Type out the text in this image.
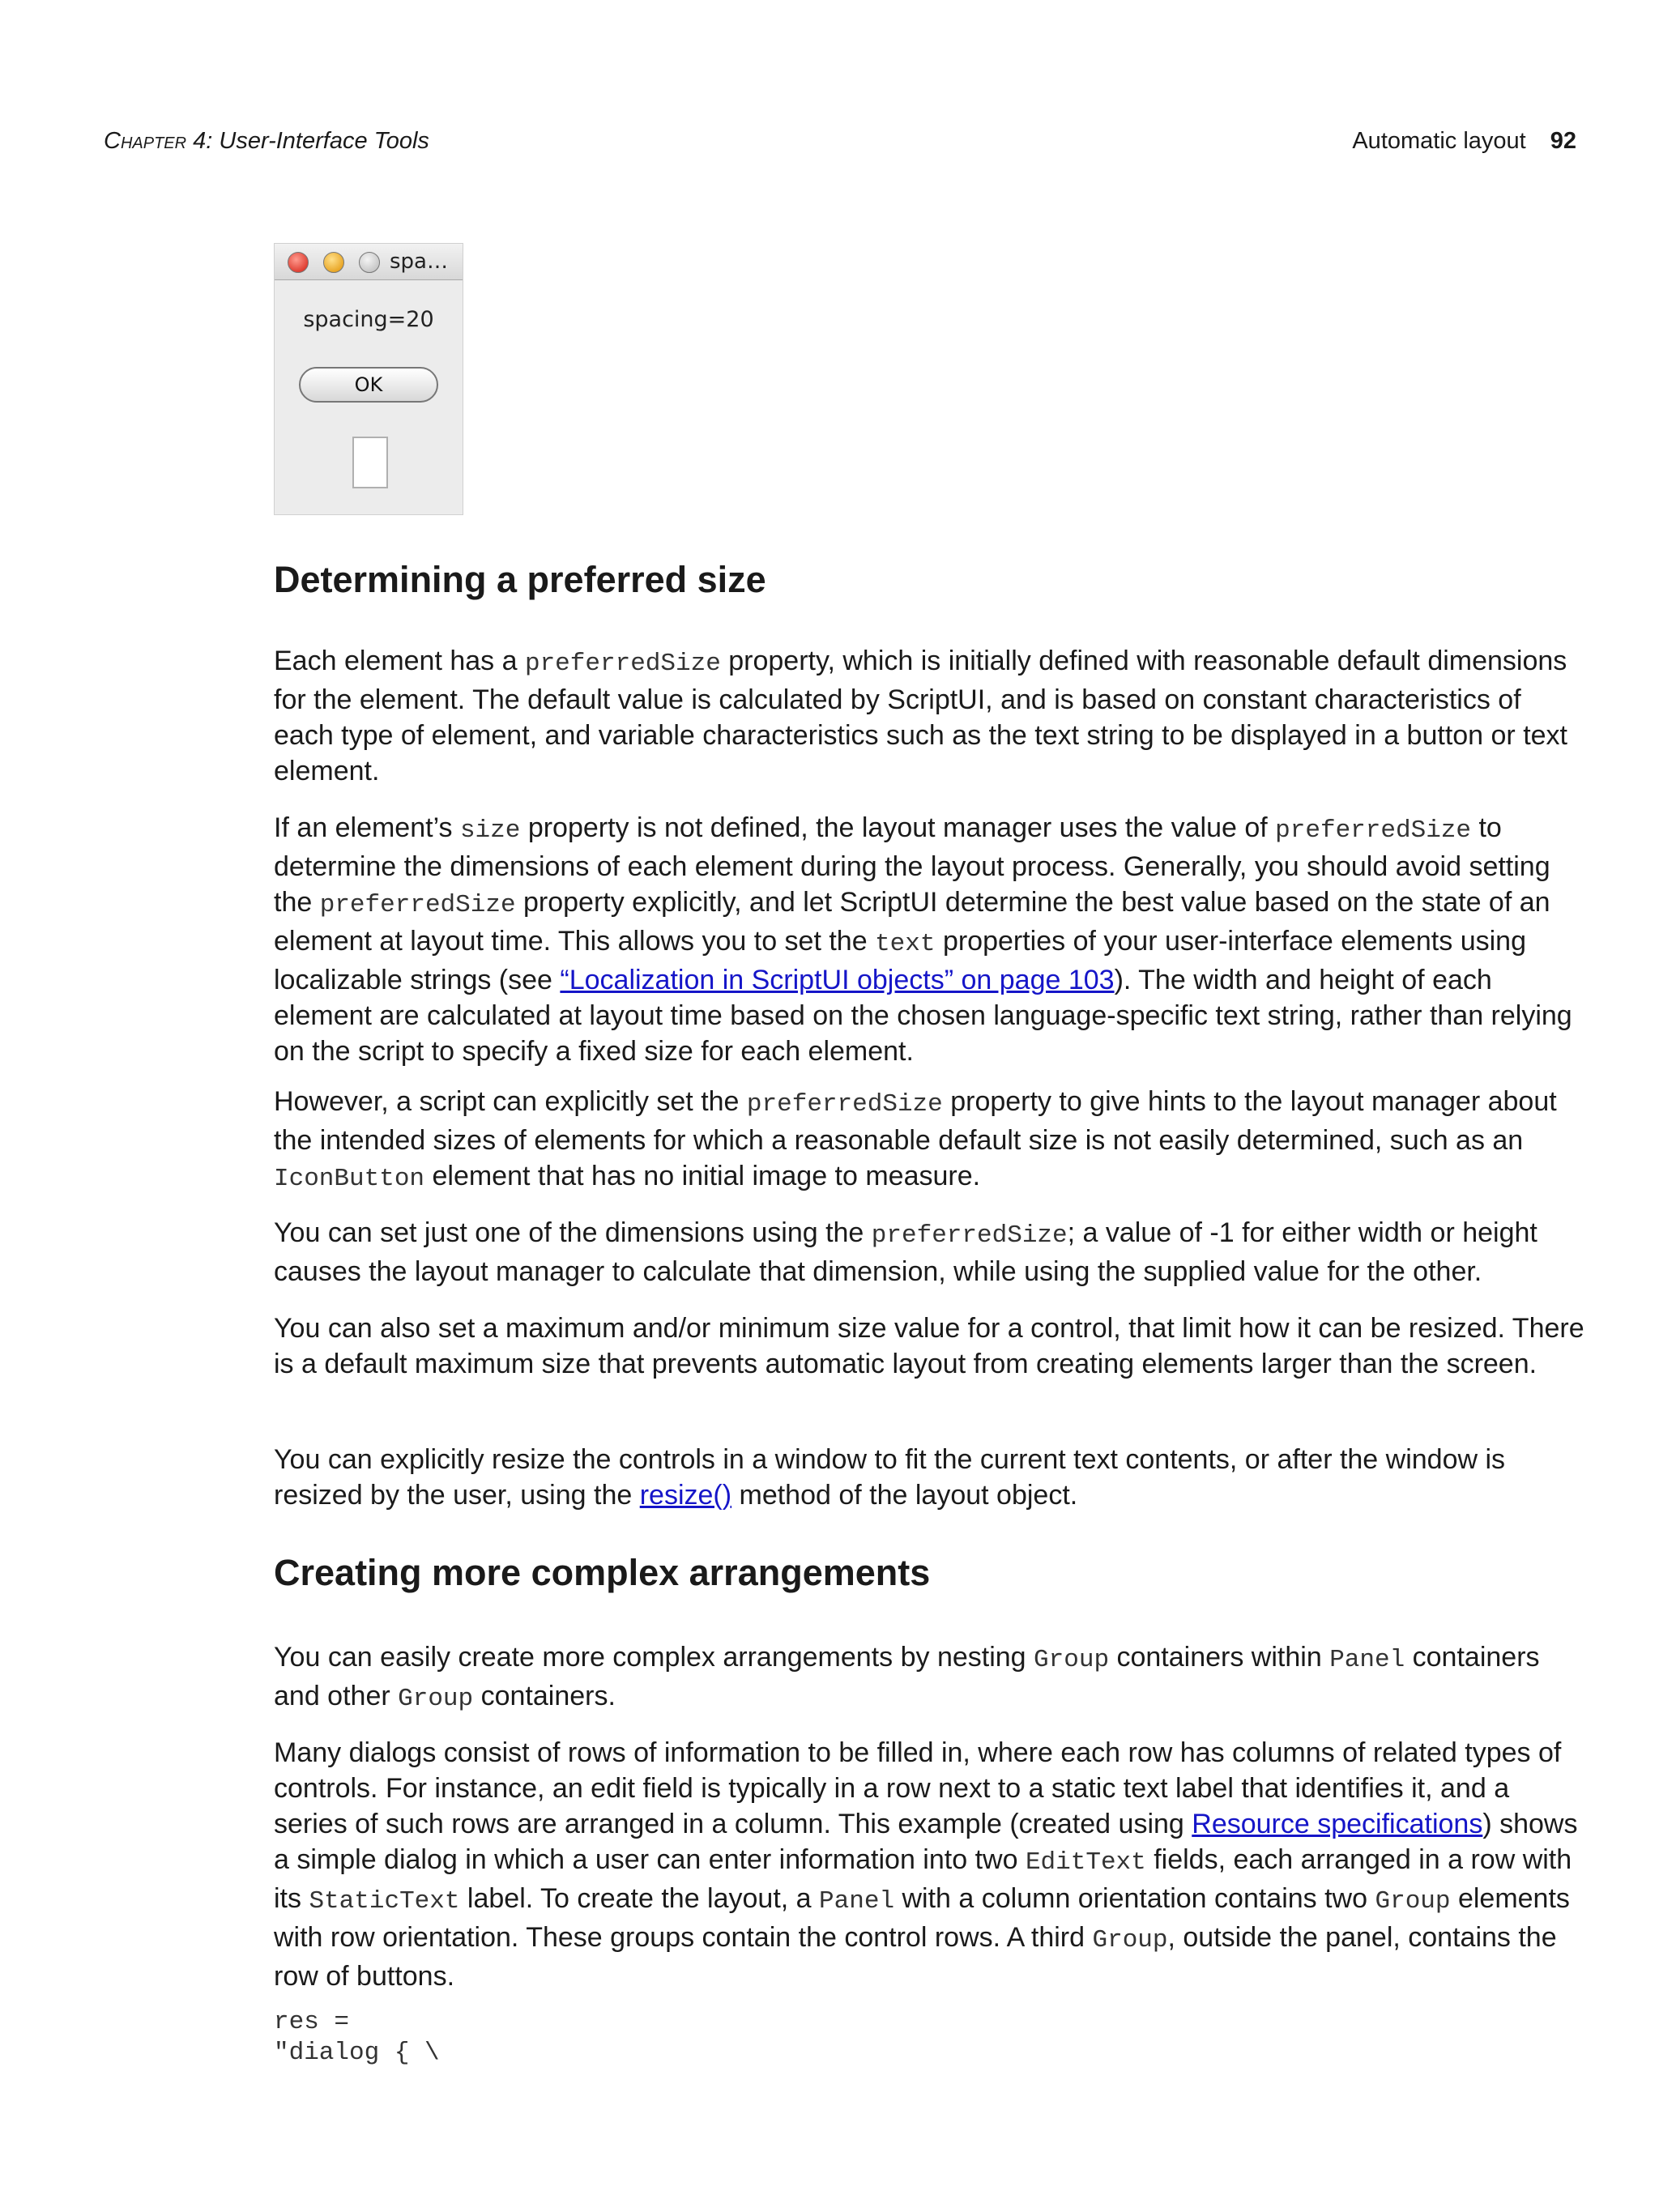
Chapter 4: User-Interface Tools	Automatic layout 92
spa…
spacing=20
OK
Determining a preferred size

Each element has a preferredSize property, which is initially defined with reasonable default dimensions for the element. The default value is calculated by ScriptUI, and is based on constant characteristics of each type of element, and variable characteristics such as the text string to be displayed in a button or text element.

If an element’s size property is not defined, the layout manager uses the value of preferredSize to determine the dimensions of each element during the layout process. Generally, you should avoid setting the preferredSize property explicitly, and let ScriptUI determine the best value based on the state of an element at layout time. This allows you to set the text properties of your user-interface elements using localizable strings (see “Localization in ScriptUI objects” on page 103). The width and height of each element are calculated at layout time based on the chosen language-specific text string, rather than relying on the script to specify a fixed size for each element.

However, a script can explicitly set the preferredSize property to give hints to the layout manager about the intended sizes of elements for which a reasonable default size is not easily determined, such as an IconButton element that has no initial image to measure.

You can set just one of the dimensions using the preferredSize; a value of -1 for either width or height causes the layout manager to calculate that dimension, while using the supplied value for the other.

You can also set a maximum and/or minimum size value for a control, that limit how it can be resized. There is a default maximum size that prevents automatic layout from creating elements larger than the screen.

You can explicitly resize the controls in a window to fit the current text contents, or after the window is resized by the user, using the resize() method of the layout object.

Creating more complex arrangements

You can easily create more complex arrangements by nesting Group containers within Panel containers and other Group containers.

Many dialogs consist of rows of information to be filled in, where each row has columns of related types of controls. For instance, an edit field is typically in a row next to a static text label that identifies it, and a series of such rows are arranged in a column. This example (created using Resource specifications) shows a simple dialog in which a user can enter information into two EditText fields, each arranged in a row with its StaticText label. To create the layout, a Panel with a column orientation contains two Group elements with row orientation. These groups contain the control rows. A third Group, outside the panel, contains the row of buttons.

res =
"dialog { \
